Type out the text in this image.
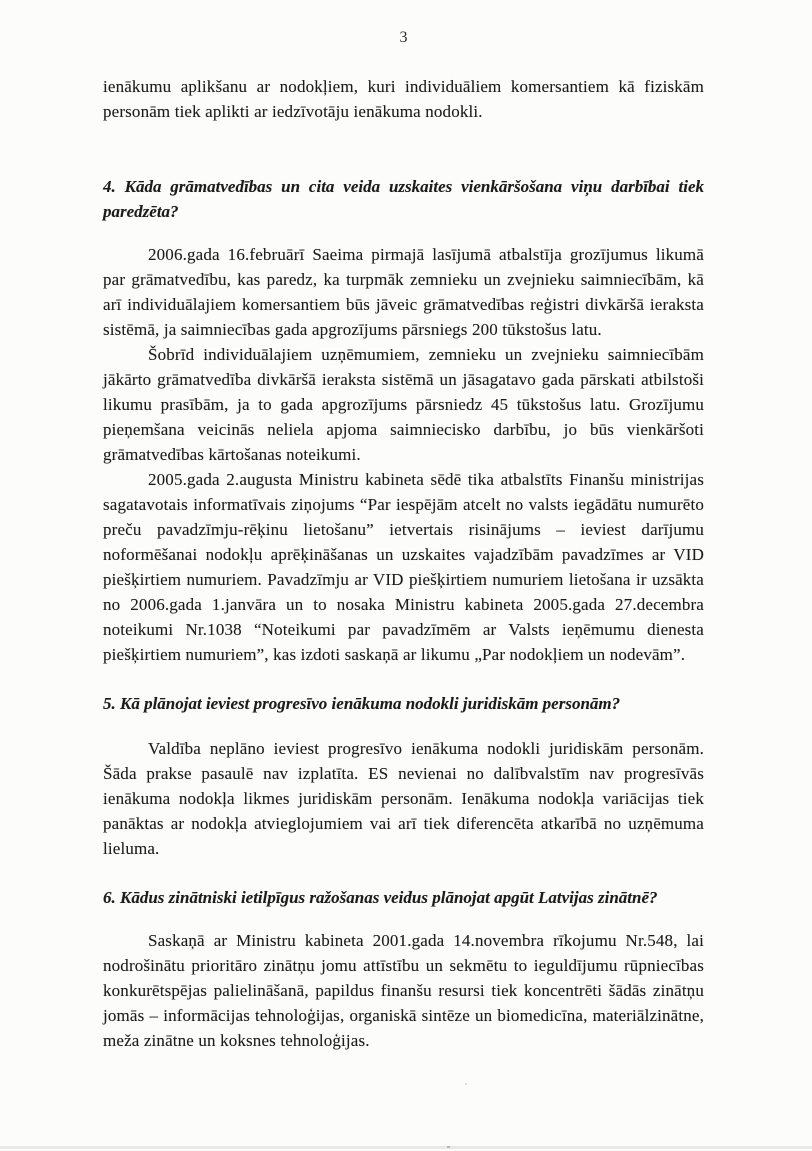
3

ienākumu aplikšanu ar nodokļiem, kuri individuāliem komersantiem kā fiziskām personām tiek aplikti ar iedzīvotāju ienākuma nodokli.

4. Kāda grāmatvedības un cita veida uzskaites vienkāršošana viņu darbībai tiek paredzēta?

2006.gada 16.februārī Saeima pirmajā lasījumā atbalstīja grozījumus likumā par grāmatvedību, kas paredz, ka turpmāk zemnieku un zvejnieku saimniecībām, kā arī individuālajiem komersantiem būs jāveic grāmatvedības reģistri divkāršā ieraksta sistēmā, ja saimniecības gada apgrozījums pārsniegs 200 tūkstošus latu.

Šobrīd individuālajiem uzņēmumiem, zemnieku un zvejnieku saimniecībām jākārto grāmatvedība divkāršā ieraksta sistēmā un jāsagatavo gada pārskati atbilstoši likumu prasībām, ja to gada apgrozījums pārsniedz 45 tūkstošus latu. Grozījumu pieņemšana veicinās neliela apjoma saimniecisko darbību, jo būs vienkāršoti grāmatvedības kārtošanas noteikumi.

2005.gada 2.augusta Ministru kabineta sēdē tika atbalstīts Finanšu ministrijas sagatavotais informatīvais ziņojums “Par iespējām atcelt no valsts iegādātu numurēto preču pavadzīmju-rēķinu lietošanu” ietvertais risinājums – ieviest darījumu noformēšanai nodokļu aprēķināšanas un uzskaites vajadzībām pavadzīmes ar VID piešķirtiem numuriem. Pavadzīmju ar VID piešķirtiem numuriem lietošana ir uzsākta no 2006.gada 1.janvāra un to nosaka Ministru kabineta 2005.gada 27.decembra noteikumi Nr.1038 “Noteikumi par pavadzīmēm ar Valsts ieņēmumu dienesta piešķirtiem numuriem”, kas izdoti saskaņā ar likumu „Par nodokļiem un nodevām”.

5. Kā plānojat ieviest progresīvo ienākuma nodokli juridiskām personām?

Valdība neplāno ieviest progresīvo ienākuma nodokli juridiskām personām. Šāda prakse pasaulē nav izplatīta. ES nevienai no dalībvalstīm nav progresīvās ienākuma nodokļa likmes juridiskām personām. Ienākuma nodokļa variācijas tiek panāktas ar nodokļa atvieglojumiem vai arī tiek diferencēta atkarībā no uzņēmuma lieluma.

6. Kādus zinātniski ietilpīgus ražošanas veidus plānojat apgūt Latvijas zinātnē?

Saskaņā ar Ministru kabineta 2001.gada 14.novembra rīkojumu Nr.548, lai nodrošinātu prioritāro zinātņu jomu attīstību un sekmētu to ieguldījumu rūpniecības konkurētspējas palielināšanā, papildus finanšu resursi tiek koncentrēti šādās zinātņu jomās – informācijas tehnoloģijas, organiskā sintēze un biomedicīna, materiālzinātne, meža zinātne un koksnes tehnoloģijas.
